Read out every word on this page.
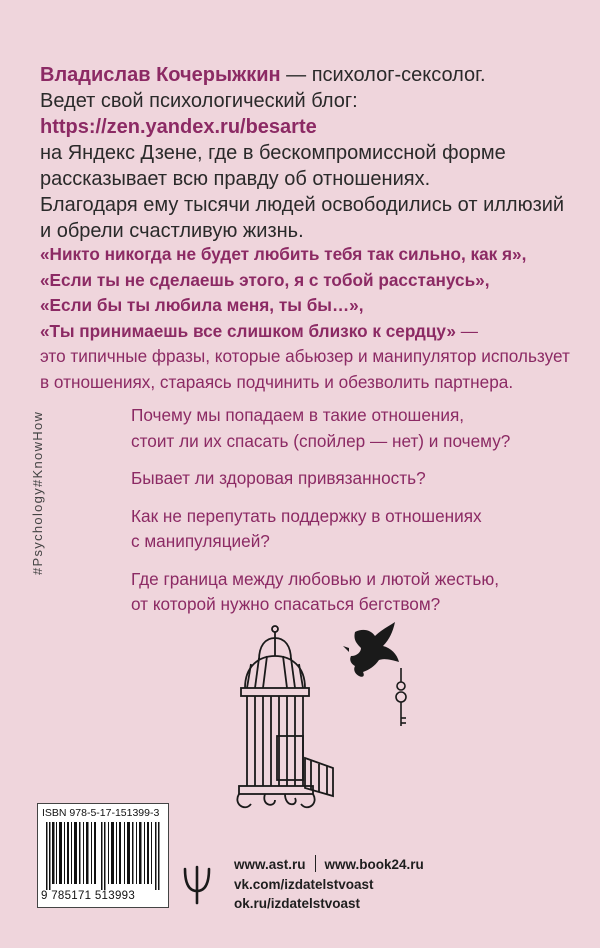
Владислав Кочерыжкин — психолог-сексолог.
Ведет свой психологический блог: https://zen.yandex.ru/besarte
на Яндекс Дзене, где в бескомпромиссной форме
рассказывает всю правду об отношениях.
Благодаря ему тысячи людей освободились от иллюзий
и обрели счастливую жизнь.
«Никто никогда не будет любить тебя так сильно, как я»,
«Если ты не сделаешь этого, я с тобой расстанусь»,
«Если бы ты любила меня, ты бы…»,
«Ты принимаешь все слишком близко к сердцу» —
это типичные фразы, которые абьюзер и манипулятор использует
в отношениях, стараясь подчинить и обезволить партнера.
#Psychology#KnowHow	Почему мы попадаем в такие отношения,
стоит ли их спасать (спойлер — нет) и почему?

Бывает ли здоровая привязанность?

Как не перепутать поддержку в отношениях
с манипуляцией?

Где граница между любовью и лютой жестью,
от которой нужно спасаться бегством?

ISBN 978-5-17-151399-3
9 785171 513993
www.ast.ru www.book24.ru
vk.com/izdatelstvoast
ok.ru/izdatelstvoast
